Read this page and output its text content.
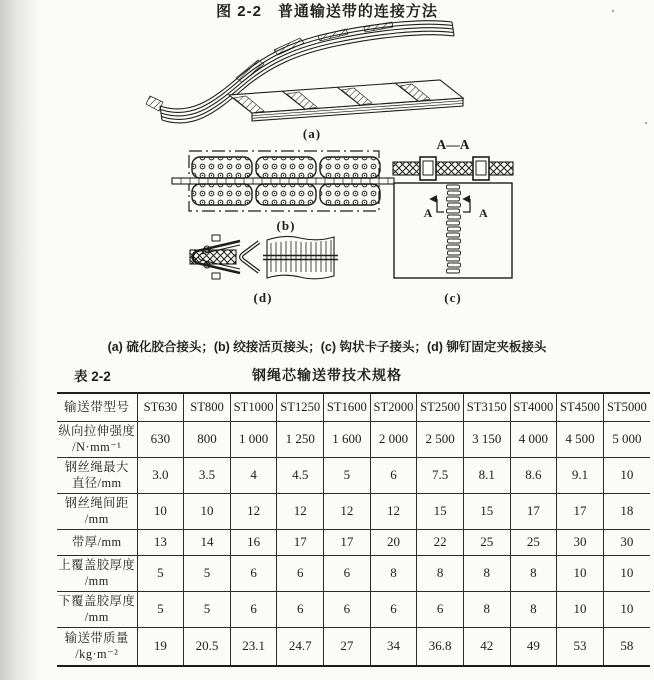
A	A
A—A
(a)
(b)
(d)	(c)
图 2-2　普通输送带的连接方法
(a) 硫化胶合接头；(b) 绞接活页接头；(c) 钩状卡子接头；(d) 铆钉固定夹板接头
表 2-2	钢绳芯输送带技术规格
输送带型号	ST630	ST800	ST1000	ST1250	ST1600	ST2000	ST2500	ST3150	ST4000	ST4500	ST5000

纵向拉伸强度
/N·mm⁻¹	630	800	1 000	1 250	1 600	2 000	2 500	3 150	4 000	4 500	5 000

钢丝绳最大
直径/mm	3.0	3.5	4	4.5	5	6	7.5	8.1	8.6	9.1	10

钢丝绳间距
/mm	10	10	12	12	12	12	15	15	17	17	18

带厚/mm	13	14	16	17	17	20	22	25	25	30	30

上覆盖胶厚度
/mm	5	5	6	6	6	8	8	8	8	10	10

下覆盖胶厚度
/mm	5	5	6	6	6	6	6	8	8	10	10

输送带质量
/kg·m⁻²	19	20.5	23.1	24.7	27	34	36.8	42	49	53	58
